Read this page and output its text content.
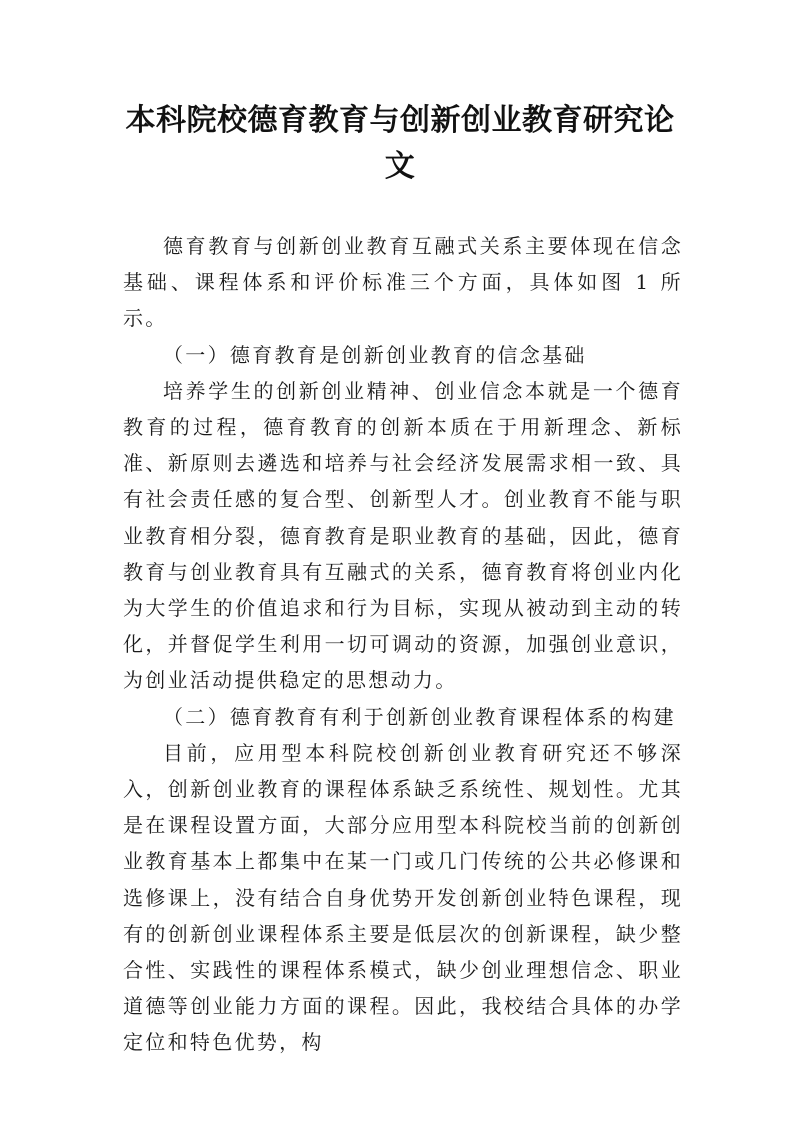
本科院校德育教育与创新创业教育研究论
文

德育教育与创新创业教育互融式关系主要体现在信念基础、课程体系和评价标准三个方面，具体如图 1 所示。

（一）德育教育是创新创业教育的信念基础

培养学生的创新创业精神、创业信念本就是一个德育教育的过程，德育教育的创新本质在于用新理念、新标准、新原则去遴选和培养与社会经济发展需求相一致、具有社会责任感的复合型、创新型人才。创业教育不能与职业教育相分裂，德育教育是职业教育的基础，因此，德育教育与创业教育具有互融式的关系，德育教育将创业内化为大学生的价值追求和行为目标，实现从被动到主动的转化，并督促学生利用一切可调动的资源，加强创业意识，为创业活动提供稳定的思想动力。

（二）德育教育有利于创新创业教育课程体系的构建

目前，应用型本科院校创新创业教育研究还不够深入，创新创业教育的课程体系缺乏系统性、规划性。尤其是在课程设置方面，大部分应用型本科院校当前的创新创业教育基本上都集中在某一门或几门传统的公共必修课和选修课上，没有结合自身优势开发创新创业特色课程，现有的创新创业课程体系主要是低层次的创新课程，缺少整合性、实践性的课程体系模式，缺少创业理想信念、职业道德等创业能力方面的课程。因此，我校结合具体的办学定位和特色优势，构
